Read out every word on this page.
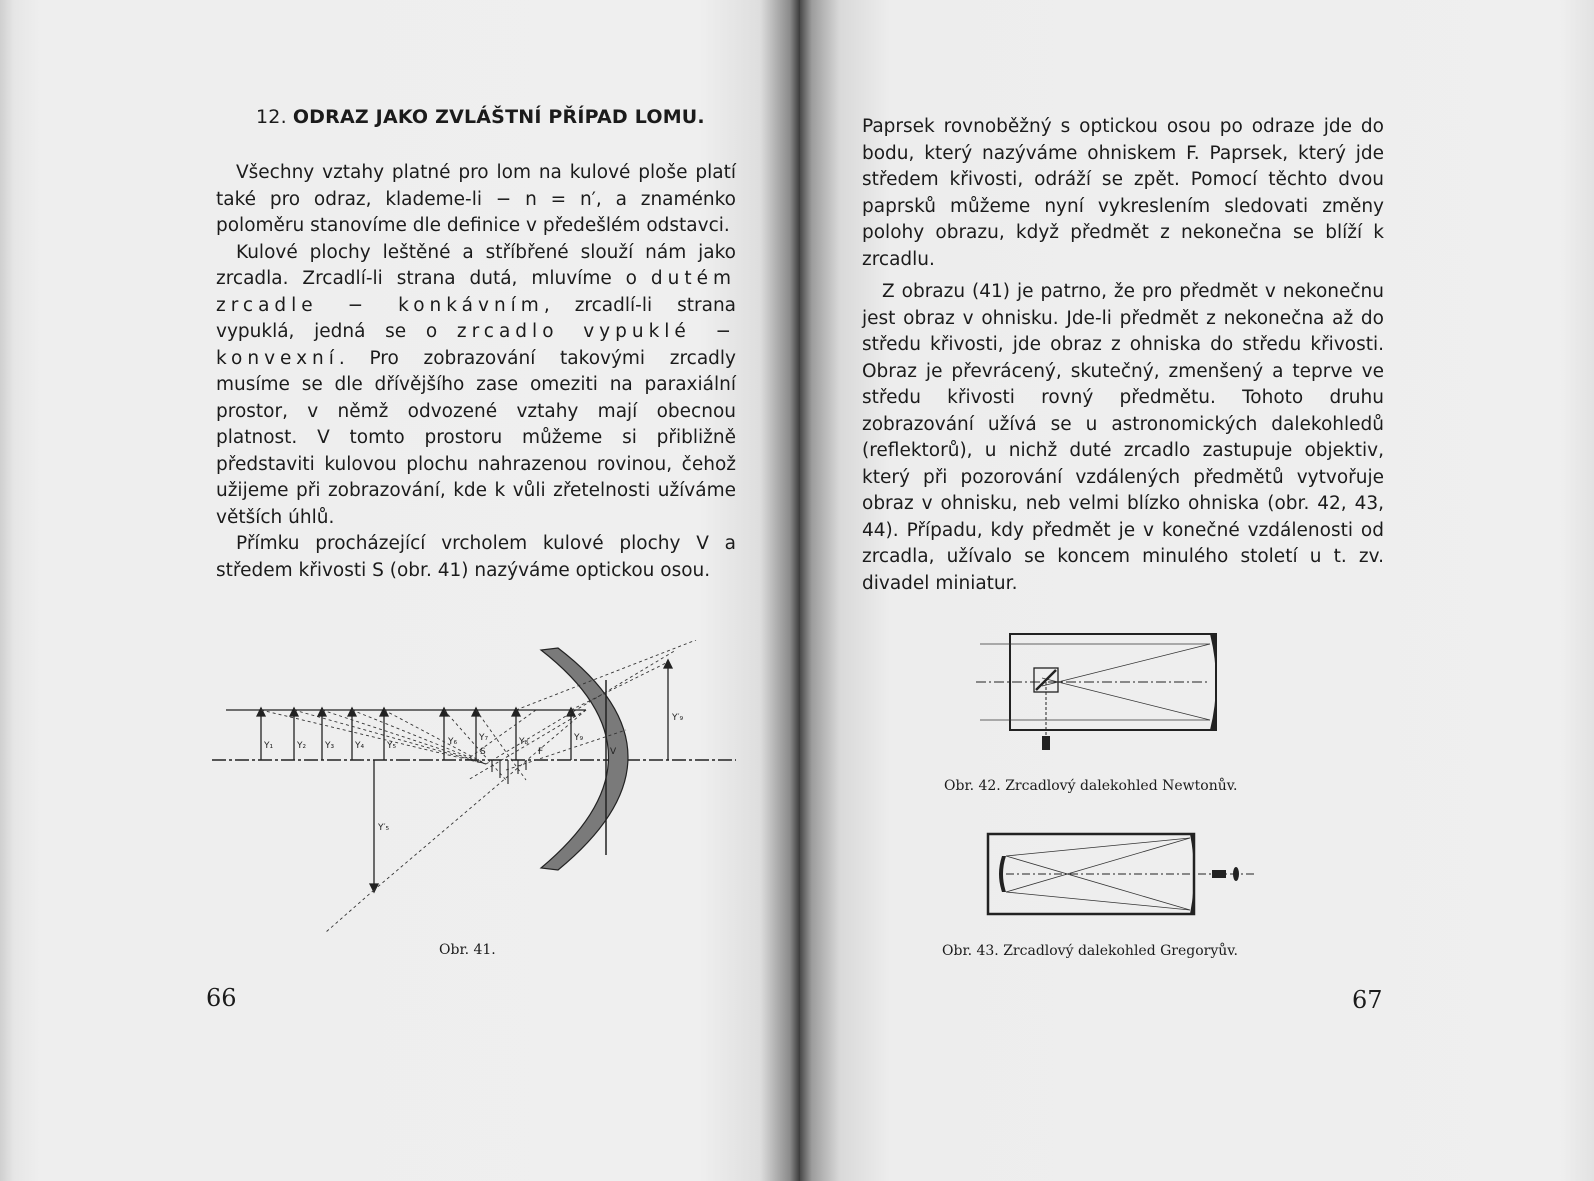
12. ODRAZ JAKO ZVLÁŠTNÍ PŘÍPAD LOMU.

Všechny vztahy platné pro lom na kulové ploše platí také pro odraz, klademe-li − n = n′, a znaménko poloměru stanovíme dle definice v předešlém odstavci.

Kulové plochy leštěné a stříbřené slouží nám jako zrcadla. Zrcadlí-li strana dutá, mluvíme o dutém zrcadle − konkávním, zrcadlí-li strana vypuklá, jedná se o zrcadlo vypuklé − konvexní. Pro zobrazování takovými zrcadly musíme se dle dřívějšího zase omeziti na paraxiální prostor, v němž odvozené vztahy mají obecnou platnost. V tomto prostoru můžeme si přibližně představiti kulovou plochu nahrazenou rovinou, čehož užijeme při zobrazování, kde k vůli zřetelnosti užíváme větších úhlů.

Přímku procházející vrcholem kulové plochy V a středem křivosti S (obr. 41) nazýváme optickou osou.

Y₁	Y₂ Y₃ Y₄	Y₅	Y₆ Y₇	Y₈	Y₉
S	F	V
Y′₅
Y′₉
Obr. 41.
66

Paprsek rovnoběžný s optickou osou po odraze jde do bodu, který nazýváme ohniskem F. Paprsek, který jde středem křivosti, odráží se zpět. Pomocí těchto dvou paprsků můžeme nyní vykreslením sledovati změny polohy obrazu, když předmět z nekonečna se blíží k zrcadlu.

Z obrazu (41) je patrno, že pro předmět v nekonečnu jest obraz v ohnisku. Jde-li předmět z nekonečna až do středu křivosti, jde obraz z ohniska do středu křivosti. Obraz je převrácený, skutečný, zmenšený a teprve ve středu křivosti rovný předmětu. Tohoto druhu zobrazování užívá se u astronomických dalekohledů (reflektorů), u nichž duté zrcadlo zastupuje objektiv, který při pozorování vzdálených předmětů vytvořuje obraz v ohnisku, neb velmi blízko ohniska (obr. 42, 43, 44). Případu, kdy předmět je v konečné vzdálenosti od zrcadla, užívalo se koncem minulého století u t. zv. divadel miniatur.

Obr. 42. Zrcadlový dalekohled Newtonův.
Obr. 43. Zrcadlový dalekohled Gregoryův.
67
